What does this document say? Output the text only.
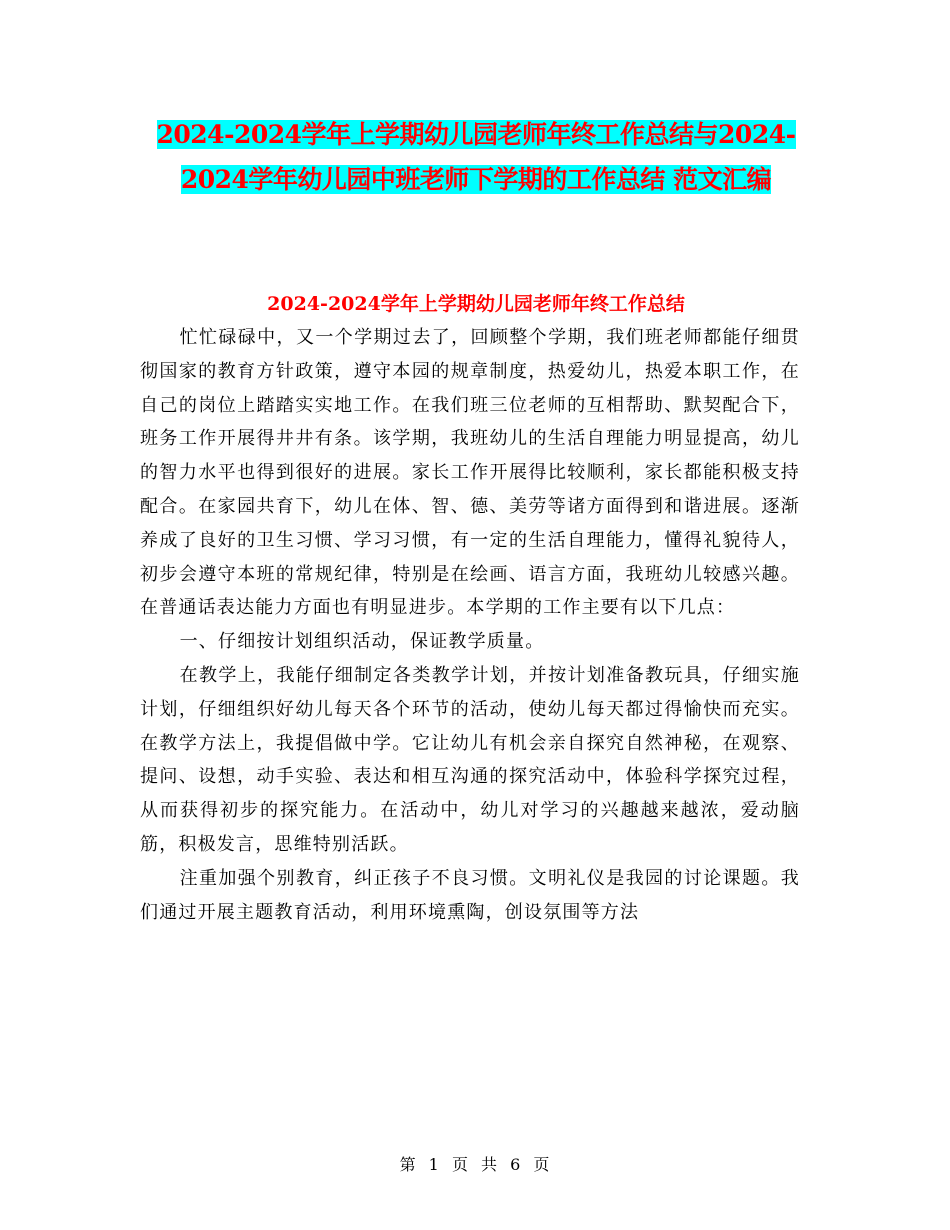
2024-2024学年上学期幼儿园老师年终工作总结与2024-2024学年幼儿园中班老师下学期的工作总结 范文汇编
2024-2024学年上学期幼儿园老师年终工作总结

忙忙碌碌中，又一个学期过去了，回顾整个学期，我们班老师都能仔细贯彻国家的教育方针政策，遵守本园的规章制度，热爱幼儿，热爱本职工作，在自己的岗位上踏踏实实地工作。在我们班三位老师的互相帮助、默契配合下，班务工作开展得井井有条。该学期，我班幼儿的生活自理能力明显提高，幼儿的智力水平也得到很好的进展。家长工作开展得比较顺利，家长都能积极支持配合。在家园共育下，幼儿在体、智、德、美劳等诸方面得到和谐进展。逐渐养成了良好的卫生习惯、学习习惯，有一定的生活自理能力，懂得礼貌待人，初步会遵守本班的常规纪律，特别是在绘画、语言方面，我班幼儿较感兴趣。在普通话表达能力方面也有明显进步。本学期的工作主要有以下几点：

一、仔细按计划组织活动，保证教学质量。

在教学上，我能仔细制定各类教学计划，并按计划准备教玩具，仔细实施计划，仔细组织好幼儿每天各个环节的活动，使幼儿每天都过得愉快而充实。在教学方法上，我提倡做中学。它让幼儿有机会亲自探究自然神秘，在观察、提问、设想，动手实验、表达和相互沟通的探究活动中，体验科学探究过程，从而获得初步的探究能力。在活动中，幼儿对学习的兴趣越来越浓，爱动脑筋，积极发言，思维特别活跃。

注重加强个别教育，纠正孩子不良习惯。文明礼仪是我园的讨论课题。我们通过开展主题教育活动，利用环境熏陶，创设氛围等方法

第 1 页 共 6 页
